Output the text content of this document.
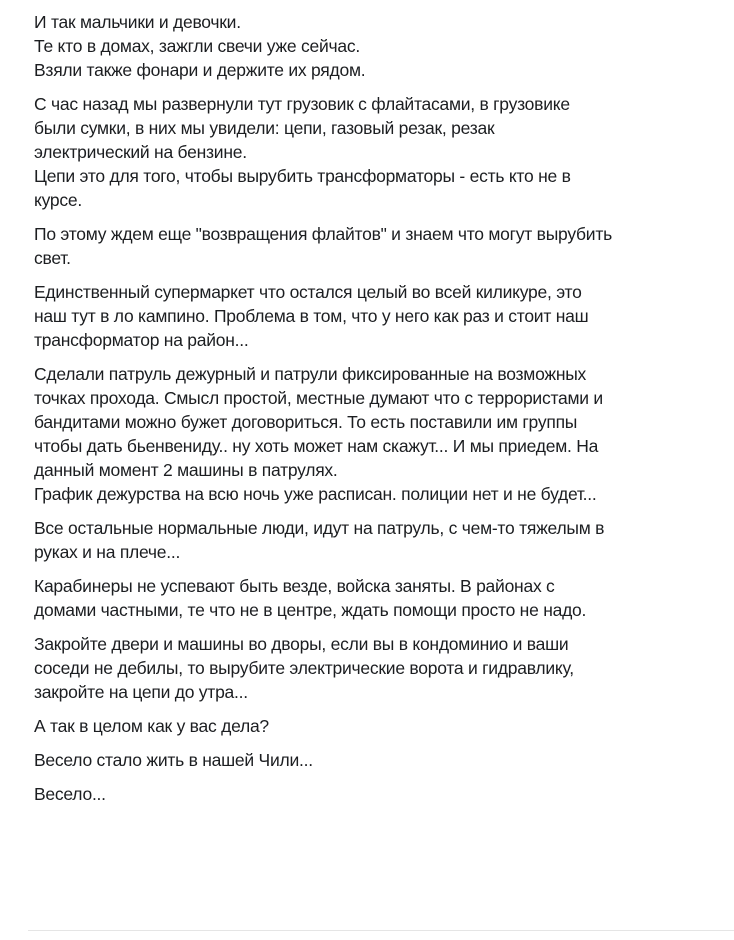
И так мальчики и девочки.
Те кто в домах, зажгли свечи уже сейчас.
Взяли также фонари и держите их рядом.
С час назад мы развернули тут грузовик с флайтасами, в грузовике
были сумки, в них мы увидели: цепи, газовый резак, резак
электрический на бензине.
Цепи это для того, чтобы вырубить трансформаторы - есть кто не в
курсе.
По этому ждем еще "возвращения флайтов" и знаем что могут вырубить
свет.
Единственный супермаркет что остался целый во всей киликуре, это
наш тут в ло кампино. Проблема в том, что у него как раз и стоит наш
трансформатор на район...
Сделали патруль дежурный и патрули фиксированные на возможных
точках прохода. Смысл простой, местные думают что с террористами и
бандитами можно бужет договориться. То есть поставили им группы
чтобы дать бьенвениду.. ну хоть может нам скажут... И мы приедем. На
данный момент 2 машины в патрулях.
График дежурства на всю ночь уже расписан. полиции нет и не будет...
Все остальные нормальные люди, идут на патруль, с чем-то тяжелым в
руках и на плече...
Карабинеры не успевают быть везде, войска заняты. В районах с
домами частными, те что не в центре, ждать помощи просто не надо.
Закройте двери и машины во дворы, если вы в кондоминио и ваши
соседи не дебилы, то вырубите электрические ворота и гидравлику,
закройте на цепи до утра...
А так в целом как у вас дела?
Весело стало жить в нашей Чили...
Весело...
